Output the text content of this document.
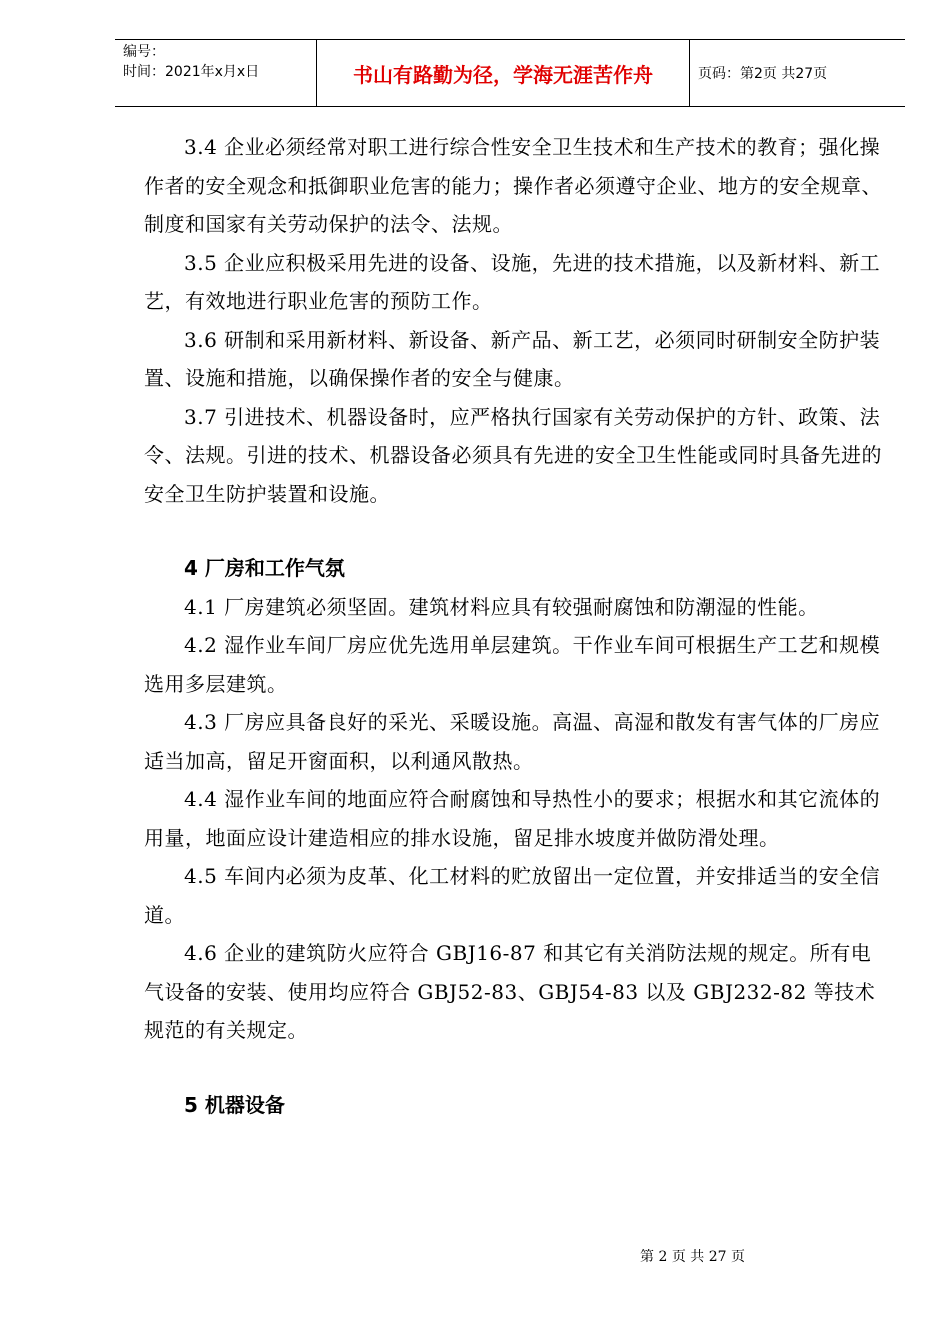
编号：
时间：2021年x月x日	书山有路勤为径，学海无涯苦作舟	页码：第2页 共27页

3.4 企业必须经常对职工进行综合性安全卫生技术和生产技术的教育；强化操作者的安全观念和抵御职业危害的能力；操作者必须遵守企业、地方的安全规章、制度和国家有关劳动保护的法令、法规。

3.5 企业应积极采用先进的设备、设施，先进的技术措施，以及新材料、新工艺，有效地进行职业危害的预防工作。

3.6 研制和采用新材料、新设备、新产品、新工艺，必须同时研制安全防护装置、设施和措施，以确保操作者的安全与健康。

3.7 引进技术、机器设备时，应严格执行国家有关劳动保护的方针、政策、法令、法规。引进的技术、机器设备必须具有先进的安全卫生性能或同时具备先进的安全卫生防护装置和设施。

4 厂房和工作气氛

4.1 厂房建筑必须坚固。建筑材料应具有较强耐腐蚀和防潮湿的性能。

4.2 湿作业车间厂房应优先选用单层建筑。干作业车间可根据生产工艺和规模选用多层建筑。

4.3 厂房应具备良好的采光、采暖设施。高温、高湿和散发有害气体的厂房应适当加高，留足开窗面积，以利通风散热。

4.4 湿作业车间的地面应符合耐腐蚀和导热性小的要求；根据水和其它流体的用量，地面应设计建造相应的排水设施，留足排水坡度并做防滑处理。

4.5 车间内必须为皮革、化工材料的贮放留出一定位置，并安排适当的安全信道。

4.6 企业的建筑防火应符合 GBJ16-87 和其它有关消防法规的规定。所有电气设备的安装、使用均应符合 GBJ52-83、GBJ54-83 以及 GBJ232-82 等技术规范的有关规定。

5 机器设备

第 2 页 共 27 页
